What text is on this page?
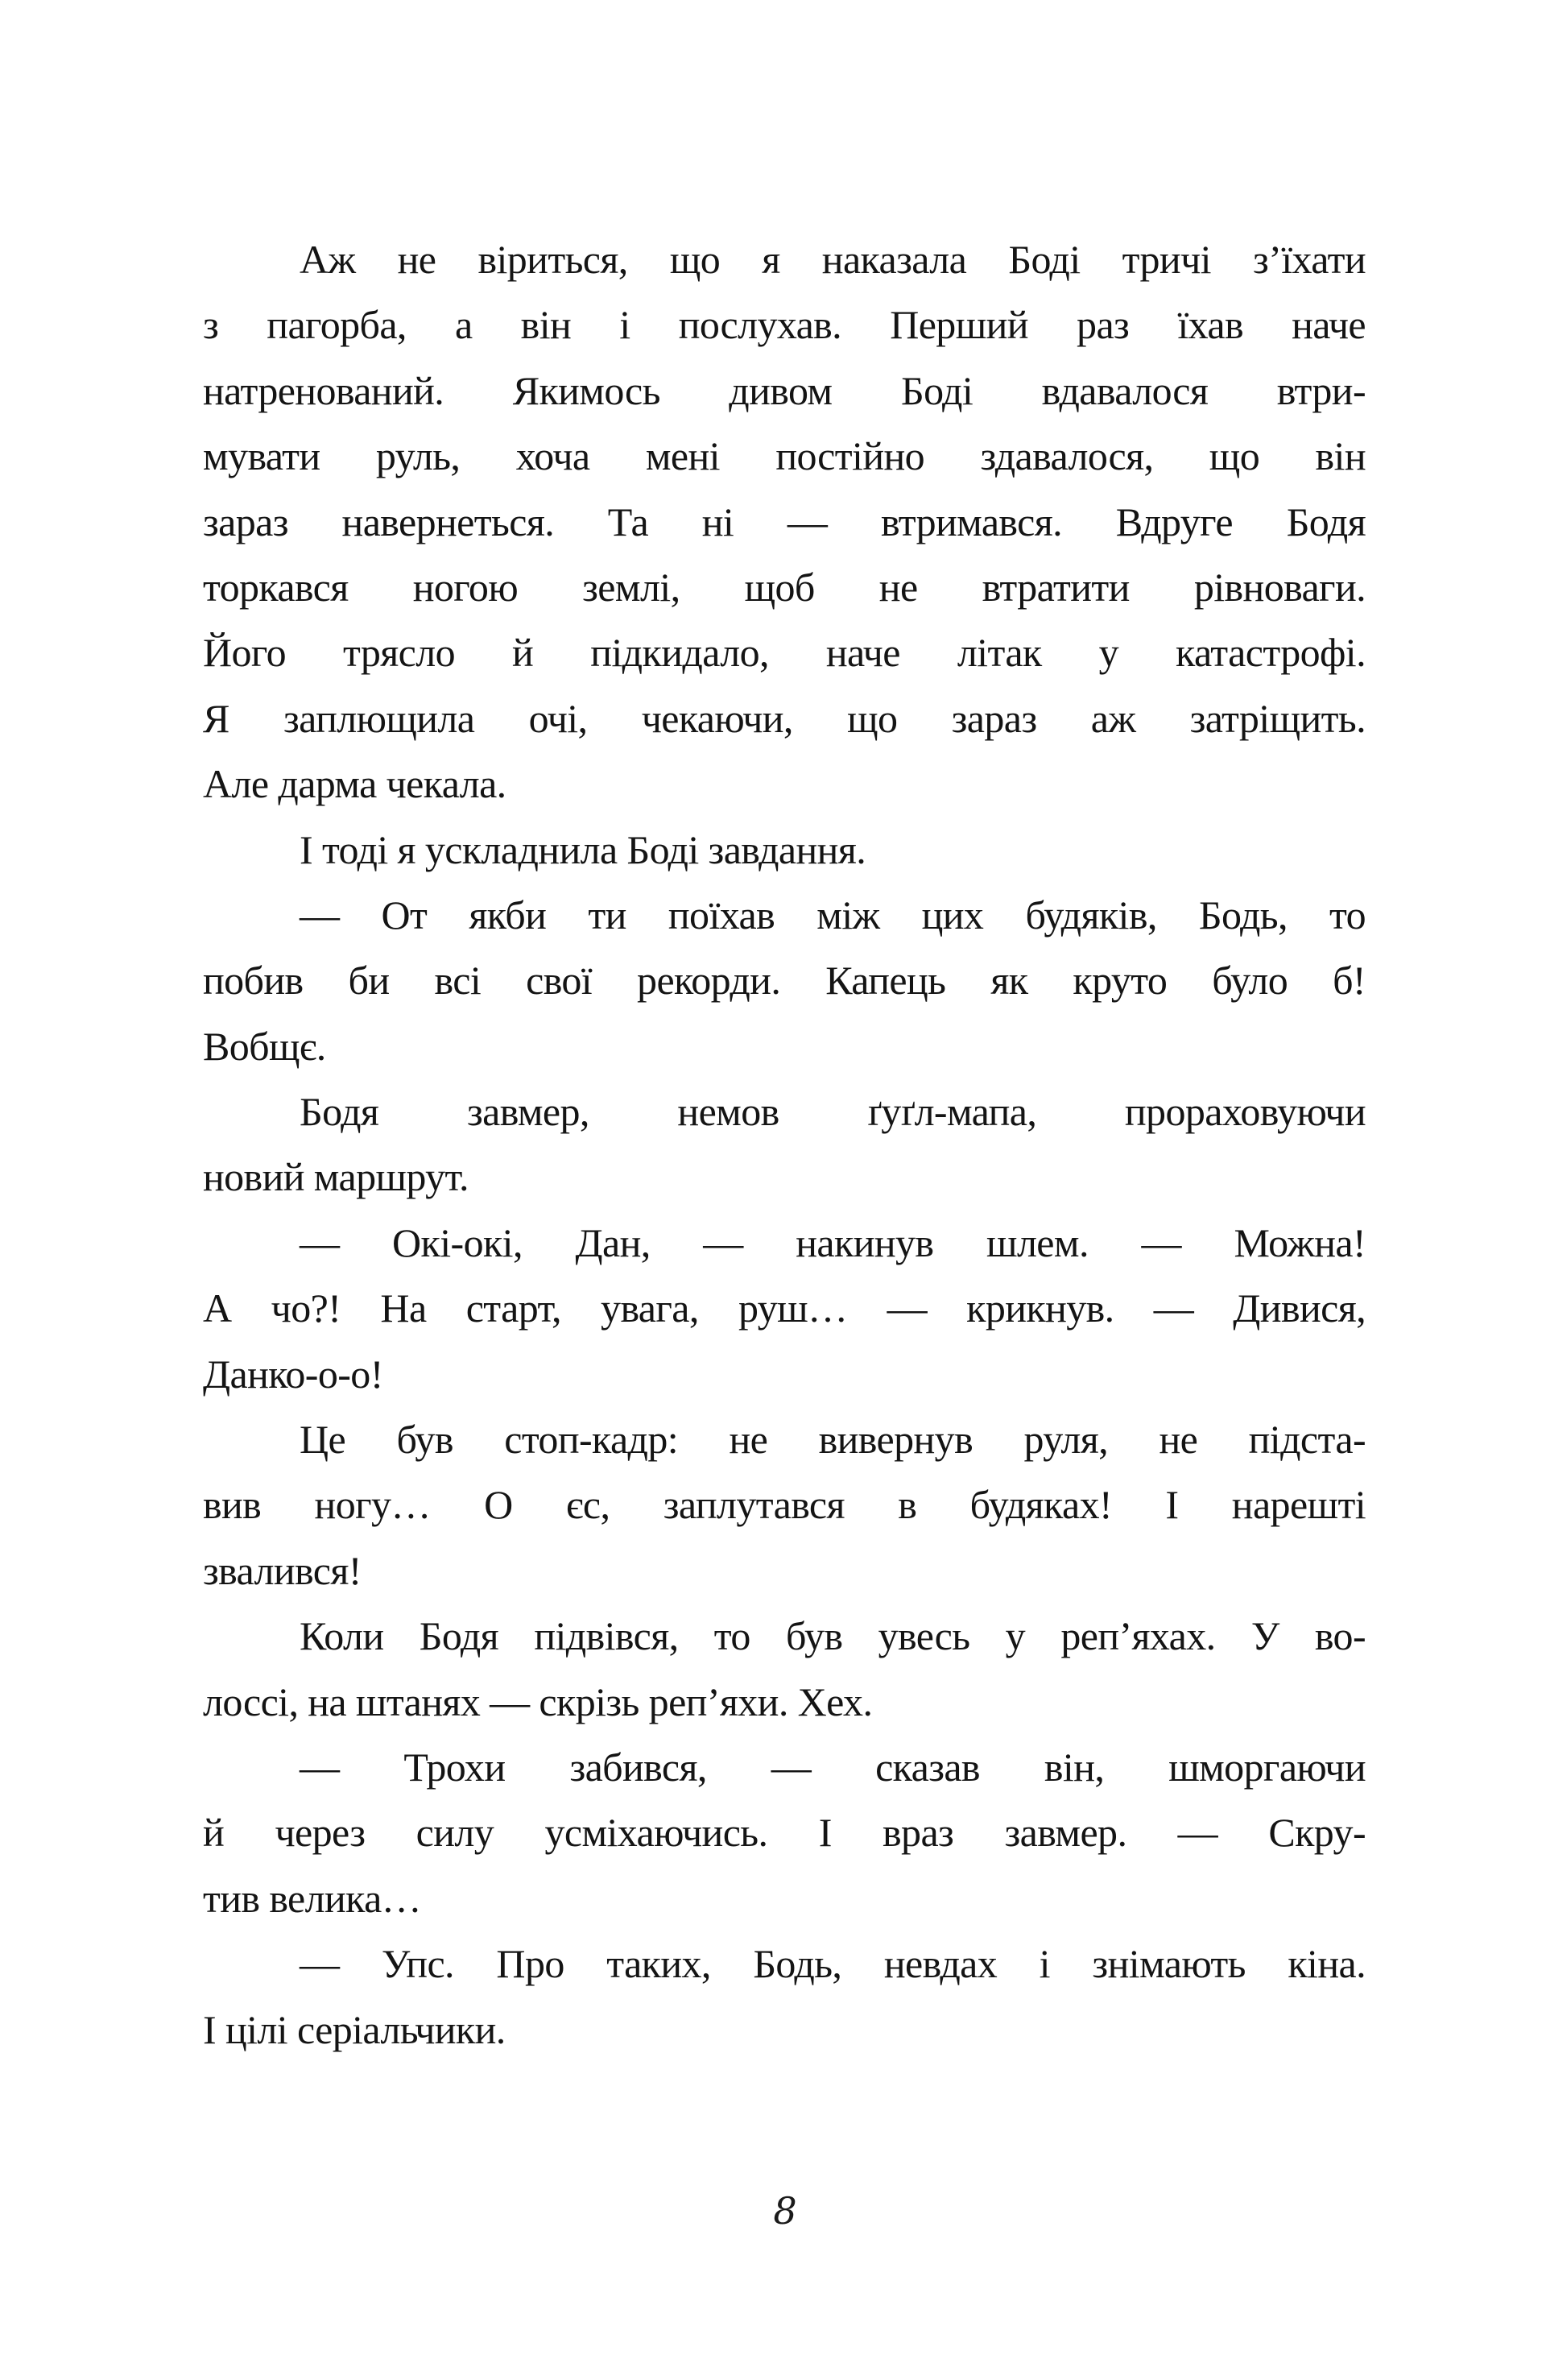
Аж не віриться, що я наказала Боді тричі з’їхати
з пагорба, а він і послухав. Перший раз їхав наче
натренований. Якимось дивом Боді вдавалося втри-
мувати руль, хоча мені постійно здавалося, що він
зараз навернеться. Та ні — втримався. Вдруге Бодя
торкався ногою землі, щоб не втратити рівноваги.
Його трясло й підкидало, наче літак у катастрофі.
Я заплющила очі, чекаючи, що зараз аж затріщить.
Але дарма чекала.
І тоді я ускладнила Боді завдання.
— От якби ти поїхав між цих будяків, Бодь, то
побив би всі свої рекорди. Капець як круто було б!
Вобщє.
Бодя завмер, немов ґуґл-мапа, прораховуючи
новий маршрут.
— Окі-окі, Дан, — накинув шлем. — Можна!
А чо?! На старт, увага, руш… — крикнув. — Дивися,
Данко-о-о!
Це був стоп-кадр: не вивернув руля, не підста-
вив ногу… О єс, заплутався в будяках! І нарешті
звалився!
Коли Бодя підвівся, то був увесь у реп’яхах. У во-
лоссі, на штанях — скрізь реп’яхи. Хех.
— Трохи забився, — сказав він, шморгаючи
й через силу усміхаючись. І враз завмер. — Скру-
тив велика…
— Упс. Про таких, Бодь, невдах і знімають кіна.
І цілі серіальчики.
8
